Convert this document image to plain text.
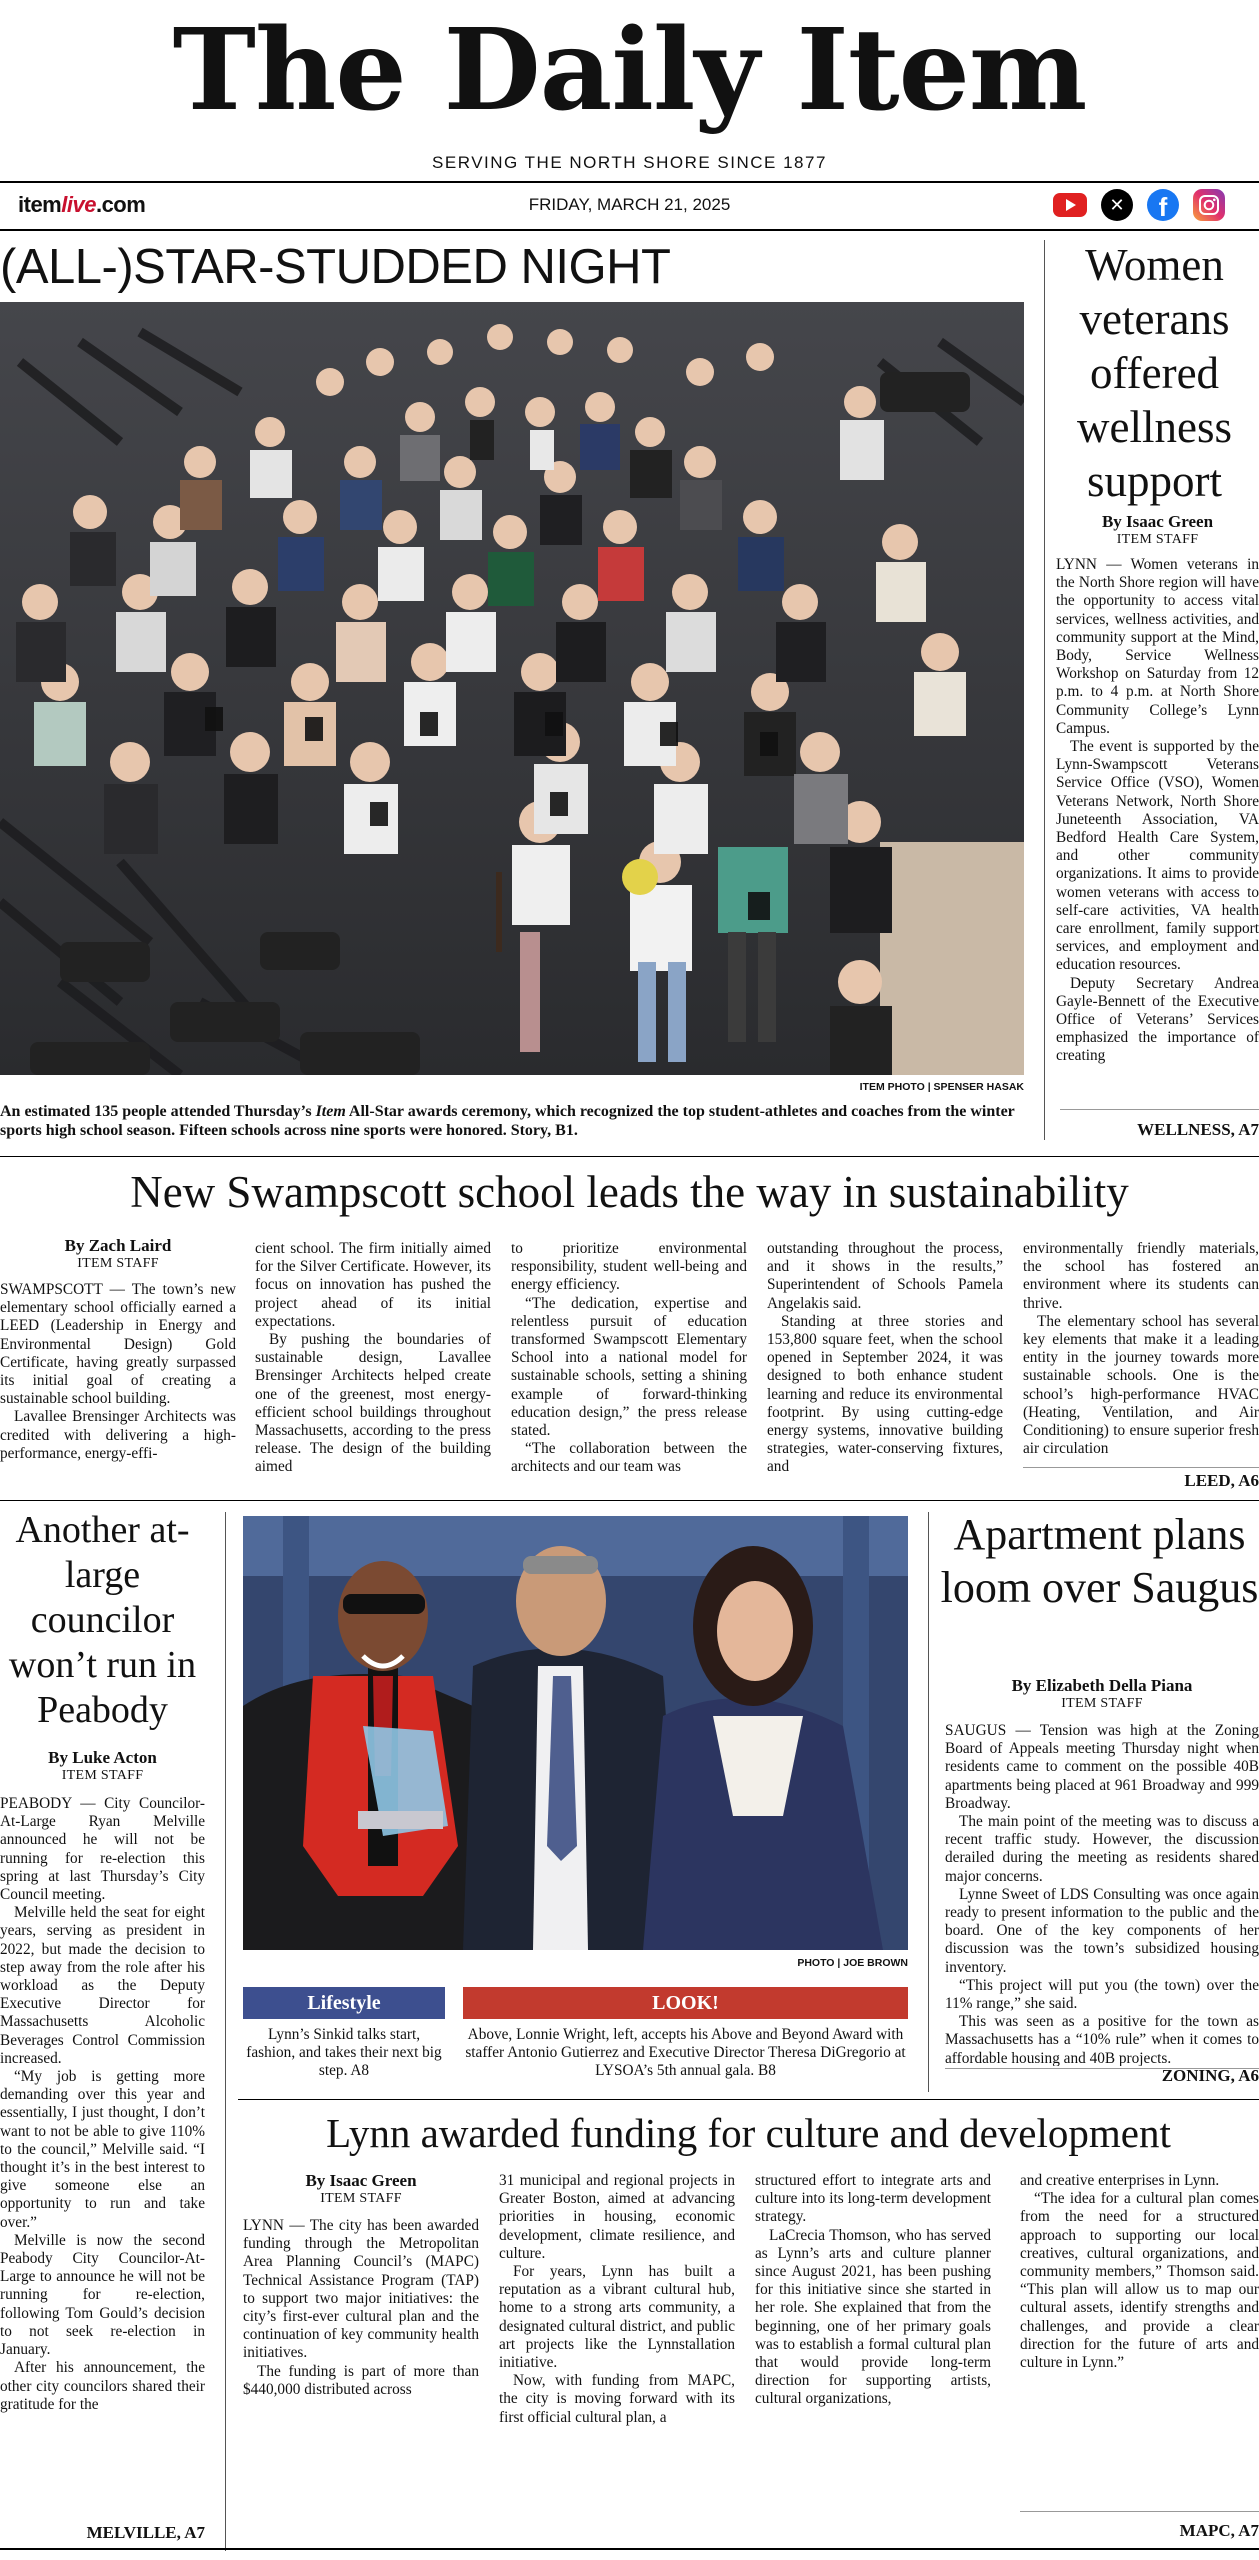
The Daily Item
SERVING THE NORTH SHORE SINCE 1877
itemlive.com	FRIDAY, MARCH 21, 2025	✕	f
(ALL-)STAR-STUDDED NIGHT
ITEM PHOTO | SPENSER HASAK
An estimated 135 people attended Thursday’s Item All-Star awards ceremony, which recognized the top student-athletes and coaches from the winter sports high school season. Fifteen schools across nine sports were honored. Story, B1.
Women veterans offered wellness support
By Isaac Green
ITEM STAFF

LYNN — Women veterans in the North Shore region will have the opportunity to access vital services, wellness activities, and community support at the Mind, Body, Service Wellness Workshop on Saturday from 12 p.m. to 4 p.m. at North Shore Community College’s Lynn Campus.

The event is supported by the Lynn-Swampscott Veterans Service Office (VSO), Women Veterans Network, North Shore Juneteenth Association, VA Bedford Health Care System, and other community organizations. It aims to provide women veterans with access to self-care activities, VA health care enrollment, family support services, and employment and education resources.

Deputy Secretary Andrea Gayle-Bennett of the Executive Office of Veterans’ Services emphasized the importance of creating

WELLNESS, A7
New Swampscott school leads the way in sustainability
By Zach Laird
ITEM STAFF

SWAMPSCOTT — The town’s new elementary school officially earned a LEED (Leadership in Energy and Environmental Design) Gold Certificate, having greatly surpassed its initial goal of creating a sustainable school building.

Lavallee Brensinger Architects was credited with delivering a high-performance, energy-effi-

cient school. The firm initially aimed for the Silver Certificate. However, its focus on innovation has pushed the project ahead of its initial expectations.

By pushing the boundaries of sustainable design, Lavallee Brensinger Architects helped create one of the greenest, most energy-efficient school buildings throughout Massachusetts, according to the press release. The design of the building aimed

to prioritize environmental responsibility, student well-being and energy efficiency.

“The dedication, expertise and relentless pursuit of education transformed Swampscott Elementary School into a national model for sustainable schools, setting a shining example of forward-thinking education design,” the press release stated.

“The collaboration between the architects and our team was

outstanding throughout the process, and it shows in the results,” Superintendent of Schools Pamela Angelakis said.

Standing at three stories and 153,800 square feet, when the school opened in September 2024, it was designed to both enhance student learning and reduce its environmental footprint. By using cutting-edge energy systems, innovative building strategies, water-conserving fixtures, and

environmentally friendly materials, the school has fostered an environment where its students can thrive.

The elementary school has several key elements that make it a leading entity in the journey towards more sustainable schools. One is the school’s high-performance HVAC (Heating, Ventilation, and Air Conditioning) to ensure superior fresh air circulation

LEED, A6
Another at-large councilor won’t run in Peabody
By Luke Acton
ITEM STAFF

PEABODY — City Councilor-At-Large Ryan Melville announced he will not be running for re-election this spring at last Thursday’s City Council meeting.

Melville held the seat for eight years, serving as president in 2022, but made the decision to step away from the role after his workload as the Deputy Executive Director for Massachusetts Alcoholic Beverages Control Commission increased.

“My job is getting more demanding over this year and essentially, I just thought, I don’t want to not be able to give 110% to the council,” Melville said. “I thought it’s in the best interest to give someone else an opportunity to run and take over.”

Melville is now the second Peabody City Councilor-At-Large to announce he will not be running for re-election, following Tom Gould’s decision to not seek re-election in January.

After his announcement, the other city councilors shared their gratitude for the

MELVILLE, A7
PHOTO | JOE BROWN
Lifestyle
Lynn’s Sinkid talks start, fashion, and takes their next big step. A8
LOOK!
Above, Lonnie Wright, left, accepts his Above and Beyond Award with staffer Antonio Gutierrez and Executive Director Theresa DiGregorio at LYSOA’s 5th annual gala. B8
Apartment plans loom over Saugus
By Elizabeth Della Piana
ITEM STAFF

SAUGUS — Tension was high at the Zoning Board of Appeals meeting Thursday night when residents came to comment on the possible 40B apartments being placed at 961 Broadway and 999 Broadway.

The main point of the meeting was to discuss a recent traffic study. However, the discussion derailed during the meeting as residents shared major concerns.

Lynne Sweet of LDS Consulting was once again ready to present information to the public and the board. One of the key components of her discussion was the town’s subsidized housing inventory.

“This project will put you (the town) over the 11% range,” she said.

This was seen as a positive for the town as Massachusetts has a “10% rule” when it comes to affordable housing and 40B projects.

ZONING, A6
Lynn awarded funding for culture and development
By Isaac Green
ITEM STAFF

LYNN — The city has been awarded funding through the Metropolitan Area Planning Council’s (MAPC) Technical Assistance Program (TAP) to support two major initiatives: the city’s first-ever cultural plan and the continuation of key community health initiatives.

The funding is part of more than $440,000 distributed across

31 municipal and regional projects in Greater Boston, aimed at advancing priorities in housing, economic development, climate resilience, and culture.

For years, Lynn has built a reputation as a vibrant cultural hub, home to a strong arts community, a designated cultural district, and public art projects like the Lynnstallation initiative.

Now, with funding from MAPC, the city is moving forward with its first official cultural plan, a

structured effort to integrate arts and culture into its long-term development strategy.

LaCrecia Thomson, who has served as Lynn’s arts and culture planner since August 2021, has been pushing for this initiative since she started in her role. She explained that from the beginning, one of her primary goals was to establish a formal cultural plan that would provide long-term direction for supporting artists, cultural organizations,

and creative enterprises in Lynn.

“The idea for a cultural plan comes from the need for a structured approach to supporting our local creatives, cultural organizations, and community members,” Thomson said. “This plan will allow us to map our cultural assets, identify strengths and challenges, and provide a clear direction for the future of arts and culture in Lynn.”

MAPC, A7
